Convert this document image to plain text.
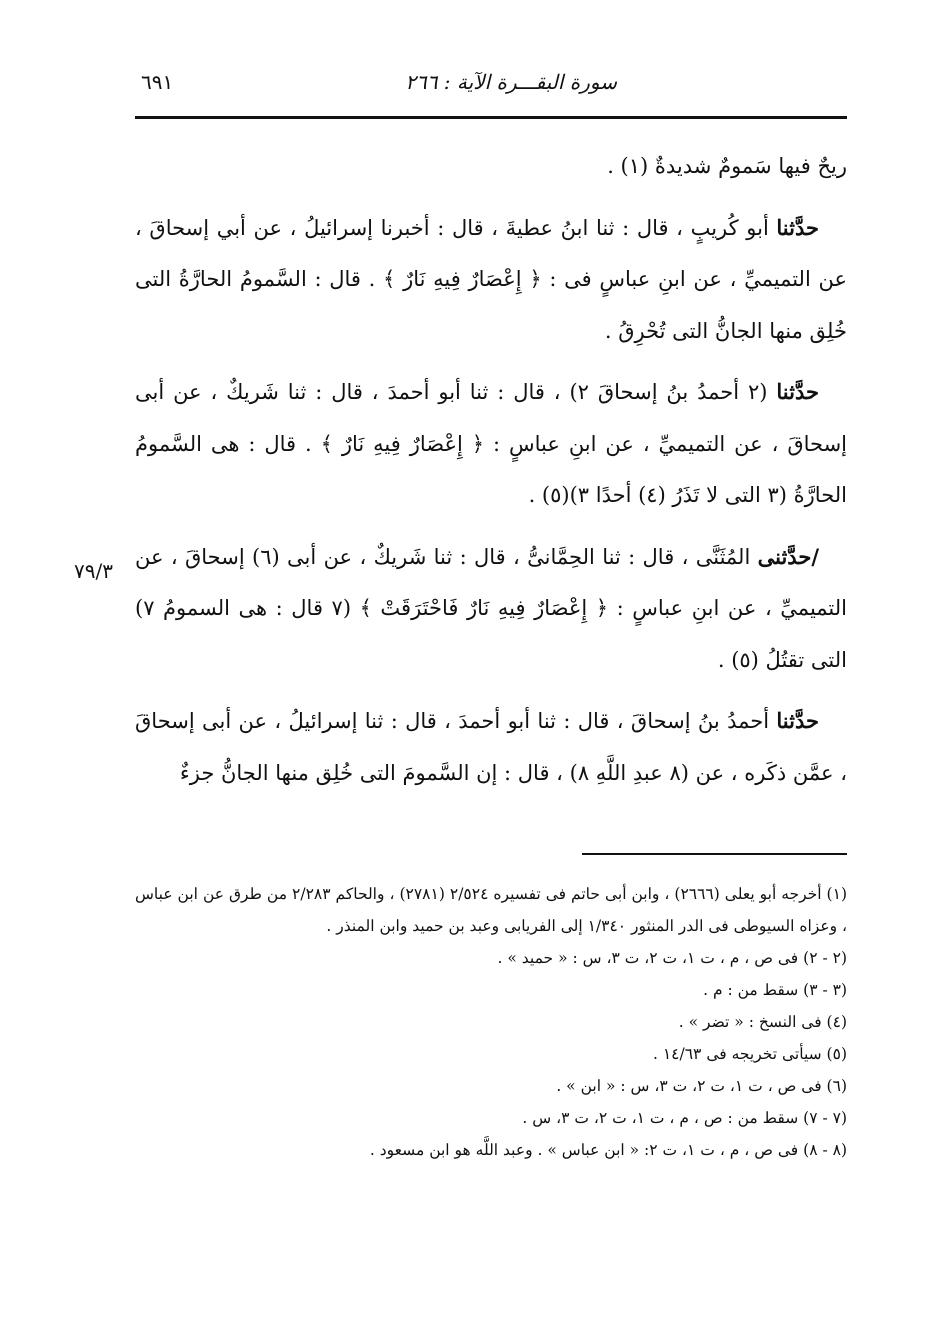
سورة البقـــرة الآية : ٢٦٦
٦٩١

ريحٌ فيها سَمومٌ شديدةٌ (١) .

حدَّثنا أبو كُريبٍ ، قال : ثنا ابنُ عطيةَ ، قال : أخبرنا إسرائيلُ ، عن أبي إسحاقَ ، عن التميميِّ ، عن ابنِ عباسٍ فى : ﴿ إِعْصَارٌ فِيهِ نَارٌ ﴾ . قال : السَّمومُ الحارَّةُ التى خُلِق منها الجانُّ التى تُحْرِقُ .

حدَّثنا (٢ أحمدُ بنُ إسحاقَ ٢) ، قال : ثنا أبو أحمدَ ، قال : ثنا شَريكٌ ، عن أبى إسحاقَ ، عن التميميِّ ، عن ابنِ عباسٍ : ﴿ إِعْصَارٌ فِيهِ نَارٌ ﴾ . قال : هى السَّمومُ الحارَّةُ (٣ التى لا تَذَرُ (٤) أحدًا ٣)(٥) .

/حدَّثنى المُثَنَّى ، قال : ثنا الحِمَّانىُّ ، قال : ثنا شَريكٌ ، عن أبى (٦) إسحاقَ ، عن التميميِّ ، عن ابنِ عباسٍ : ﴿ إِعْصَارٌ فِيهِ نَارٌ فَاحْتَرَقَتْ ﴾ (٧ قال : هى السمومُ ٧) التى تقتُلُ (٥) .

حدَّثنا أحمدُ بنُ إسحاقَ ، قال : ثنا أبو أحمدَ ، قال : ثنا إسرائيلُ ، عن أبى إسحاقَ ، عمَّن ذكَره ، عن (٨ عبدِ اللَّهِ ٨) ، قال : إن السَّمومَ التى خُلِق منها الجانُّ جزءٌ

٧٩/٣

(١) أخرجه أبو يعلى (٢٦٦٦) ، وابن أبى حاتم فى تفسيره ٢/٥٢٤ (٢٧٨١) ، والحاكم ٢/٢٨٣ من طرق عن ابن عباس ، وعزاه السيوطى فى الدر المنثور ١/٣٤٠ إلى الفريابى وعبد بن حميد وابن المنذر .

(٢ - ٢) فى ص ، م ، ت ١، ت ٢، ت ٣، س : « حميد » .

(٣ - ٣) سقط من : م .

(٤) فى النسخ : « تضر » .

(٥) سيأتى تخريجه فى ١٤/٦٣ .

(٦) فى ص ، ت ١، ت ٢، ت ٣، س : « ابن » .

(٧ - ٧) سقط من : ص ، م ، ت ١، ت ٢، ت ٣، س .

(٨ - ٨) فى ص ، م ، ت ١، ت ٢: « ابن عباس » . وعبد اللَّه هو ابن مسعود .
